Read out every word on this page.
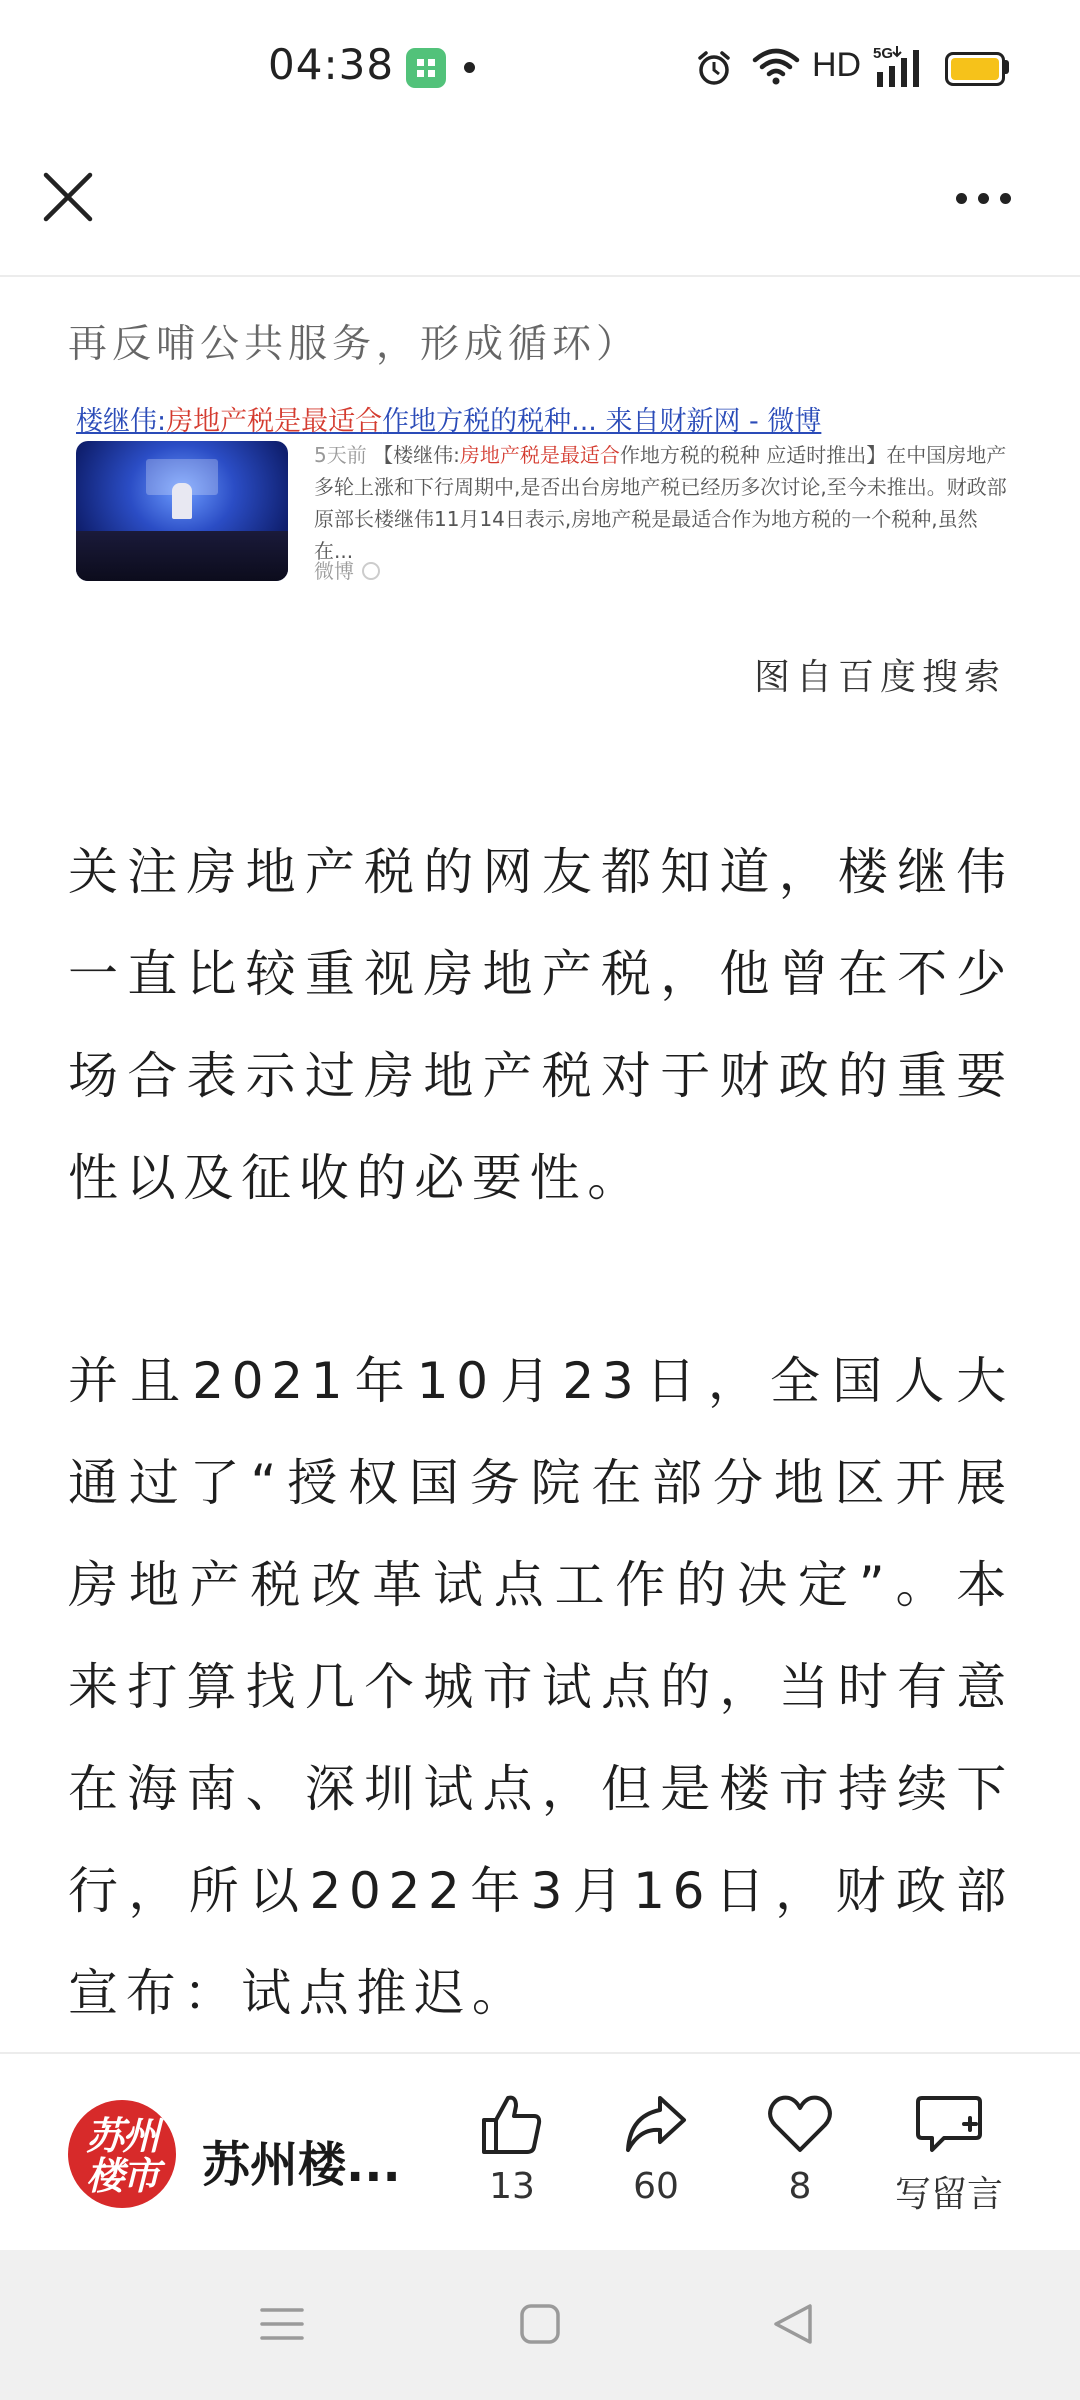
04:38	HD 5G
再反哺公共服务，形成循环）
楼继伟:房地产税是最适合作地方税的税种... 来自财新网 - 微博
5天前 【楼继伟:房地产税是最适合作地方税的税种 应适时推出】在中国房地产多轮上涨和下行周期中,是否出台房地产税已经历多次讨论,至今未推出。财政部原部长楼继伟11月14日表示,房地产税是最适合作为地方税的一个税种,虽然在...
微博
图自百度搜索

关注房地产税的网友都知道，楼继伟一直比较重视房地产税，他曾在不少场合表示过房地产税对于财政的重要性以及征收的必要性。

并且2021年10月23日，全国人大通过了“授权国务院在部分地区开展房地产税改革试点工作的决定”。本来打算找几个城市试点的，当时有意在海南、深圳试点，但是楼市持续下行，所以2022年3月16日，财政部宣布：试点推迟。

苏州楼市 苏州楼...	13	60	8	写留言
